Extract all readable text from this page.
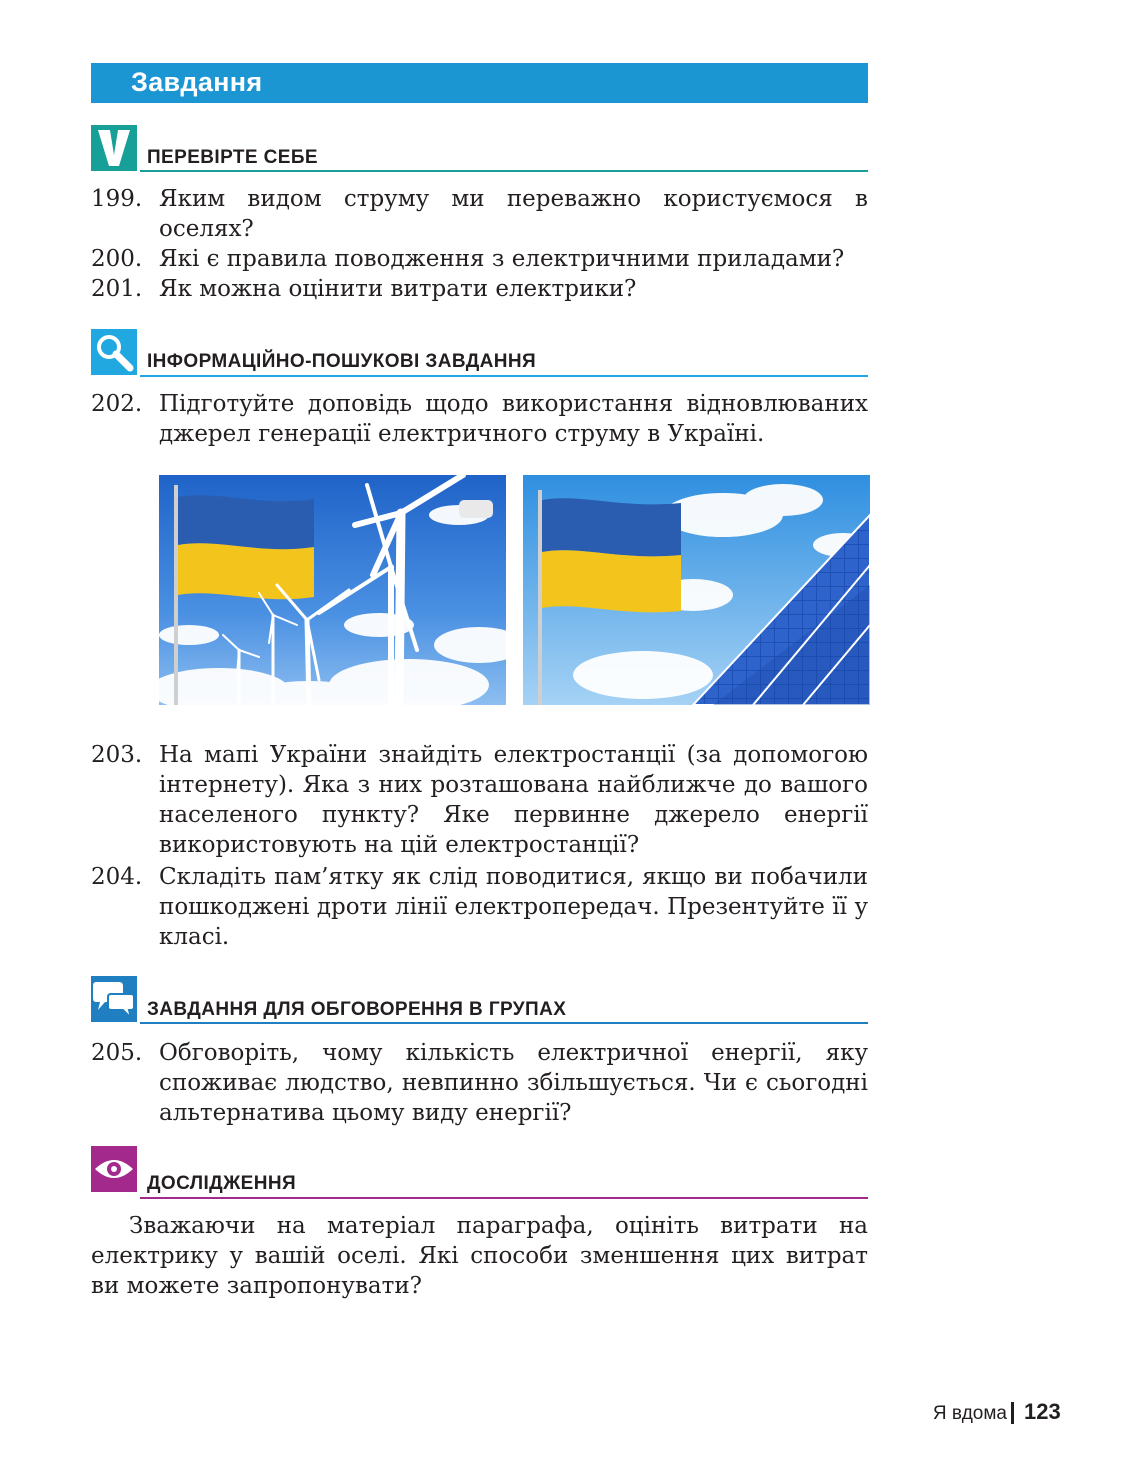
Завдання
ПЕРЕВІРТЕ СЕБЕ
199. Яким видом струму ми переважно користуємося в оселях?
200. Які є правила поводження з електричними приладами?
201. Як можна оцінити витрати електрики?
ІНФОРМАЦІЙНО-ПОШУКОВІ ЗАВДАННЯ
202. Підготуйте доповідь щодо використання відновлюваних джерел генерації електричного струму в Україні.
203. На мапі України знайдіть електростанції (за допомогою інтернету). Яка з них розташована найближче до вашого населеного пункту? Яке первинне джерело енергії використовують на цій електростанції?
204. Складіть пам’ятку як слід поводитися, якщо ви побачили пошкоджені дроти лінії електропередач. Презентуйте її у класі.
ЗАВДАННЯ ДЛЯ ОБГОВОРЕННЯ В ГРУПАХ
205. Обговоріть, чому кількість електричної енергії, яку споживає людство, невпинно збільшується. Чи є сьогодні альтернатива цьому виду енергії?
ДОСЛІДЖЕННЯ
Зважаючи на матеріал параграфа, оцініть витрати на електрику у вашій оселі. Які способи зменшення цих витрат ви можете запропонувати?
Я вдома 123
